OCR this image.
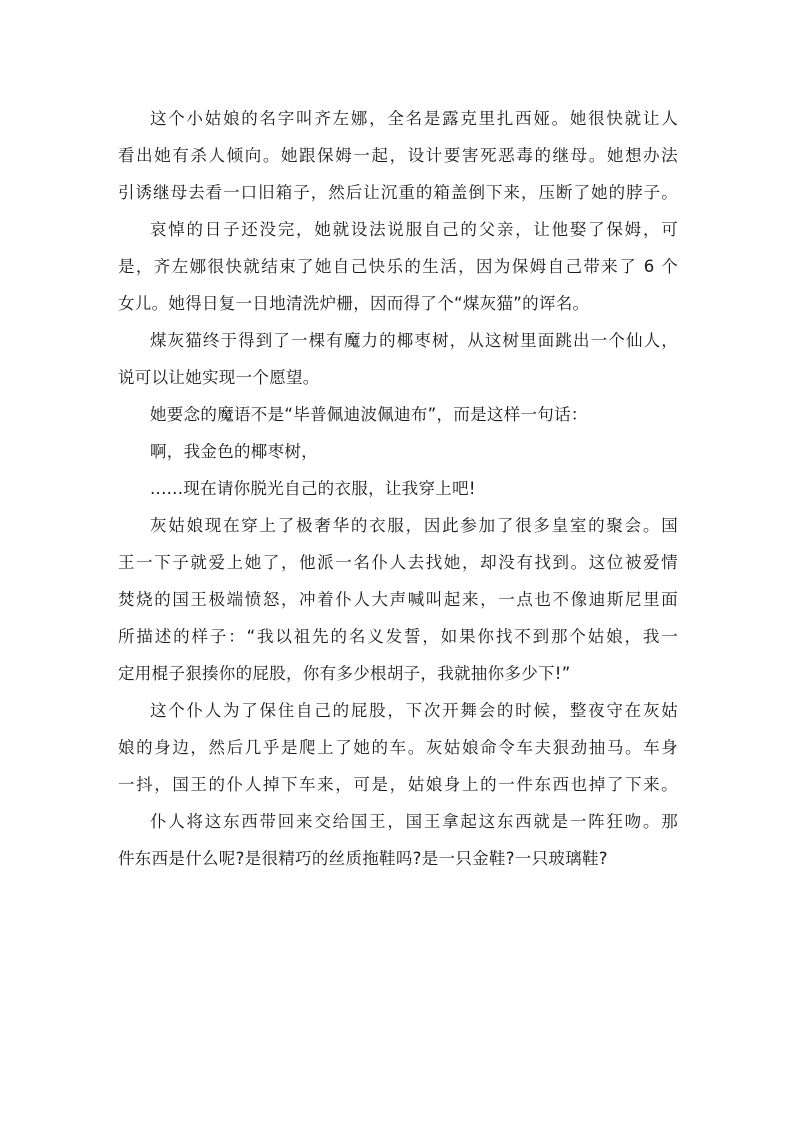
这个小姑娘的名字叫齐左娜，全名是露克里扎西娅。她很快就让人
看出她有杀人倾向。她跟保姆一起，设计要害死恶毒的继母。她想办法
引诱继母去看一口旧箱子，然后让沉重的箱盖倒下来，压断了她的脖子。

哀悼的日子还没完，她就设法说服自己的父亲，让他娶了保姆，可
是，齐左娜很快就结束了她自己快乐的生活，因为保姆自己带来了 6 个
女儿。她得日复一日地清洗炉栅，因而得了个“煤灰猫”的诨名。

煤灰猫终于得到了一棵有魔力的椰枣树，从这树里面跳出一个仙人，
说可以让她实现一个愿望。

她要念的魔语不是“毕普佩迪波佩迪布”，而是这样一句话：

啊，我金色的椰枣树，

......现在请你脱光自己的衣服，让我穿上吧!

灰姑娘现在穿上了极奢华的衣服，因此参加了很多皇室的聚会。国
王一下子就爱上她了，他派一名仆人去找她，却没有找到。这位被爱情
焚烧的国王极端愤怒，冲着仆人大声喊叫起来，一点也不像迪斯尼里面
所描述的样子：“我以祖先的名义发誓，如果你找不到那个姑娘，我一
定用棍子狠揍你的屁股，你有多少根胡子，我就抽你多少下!”

这个仆人为了保住自己的屁股，下次开舞会的时候，整夜守在灰姑
娘的身边，然后几乎是爬上了她的车。灰姑娘命令车夫狠劲抽马。车身
一抖，国王的仆人掉下车来，可是，姑娘身上的一件东西也掉了下来。

仆人将这东西带回来交给国王，国王拿起这东西就是一阵狂吻。那
件东西是什么呢?是很精巧的丝质拖鞋吗?是一只金鞋?一只玻璃鞋?
